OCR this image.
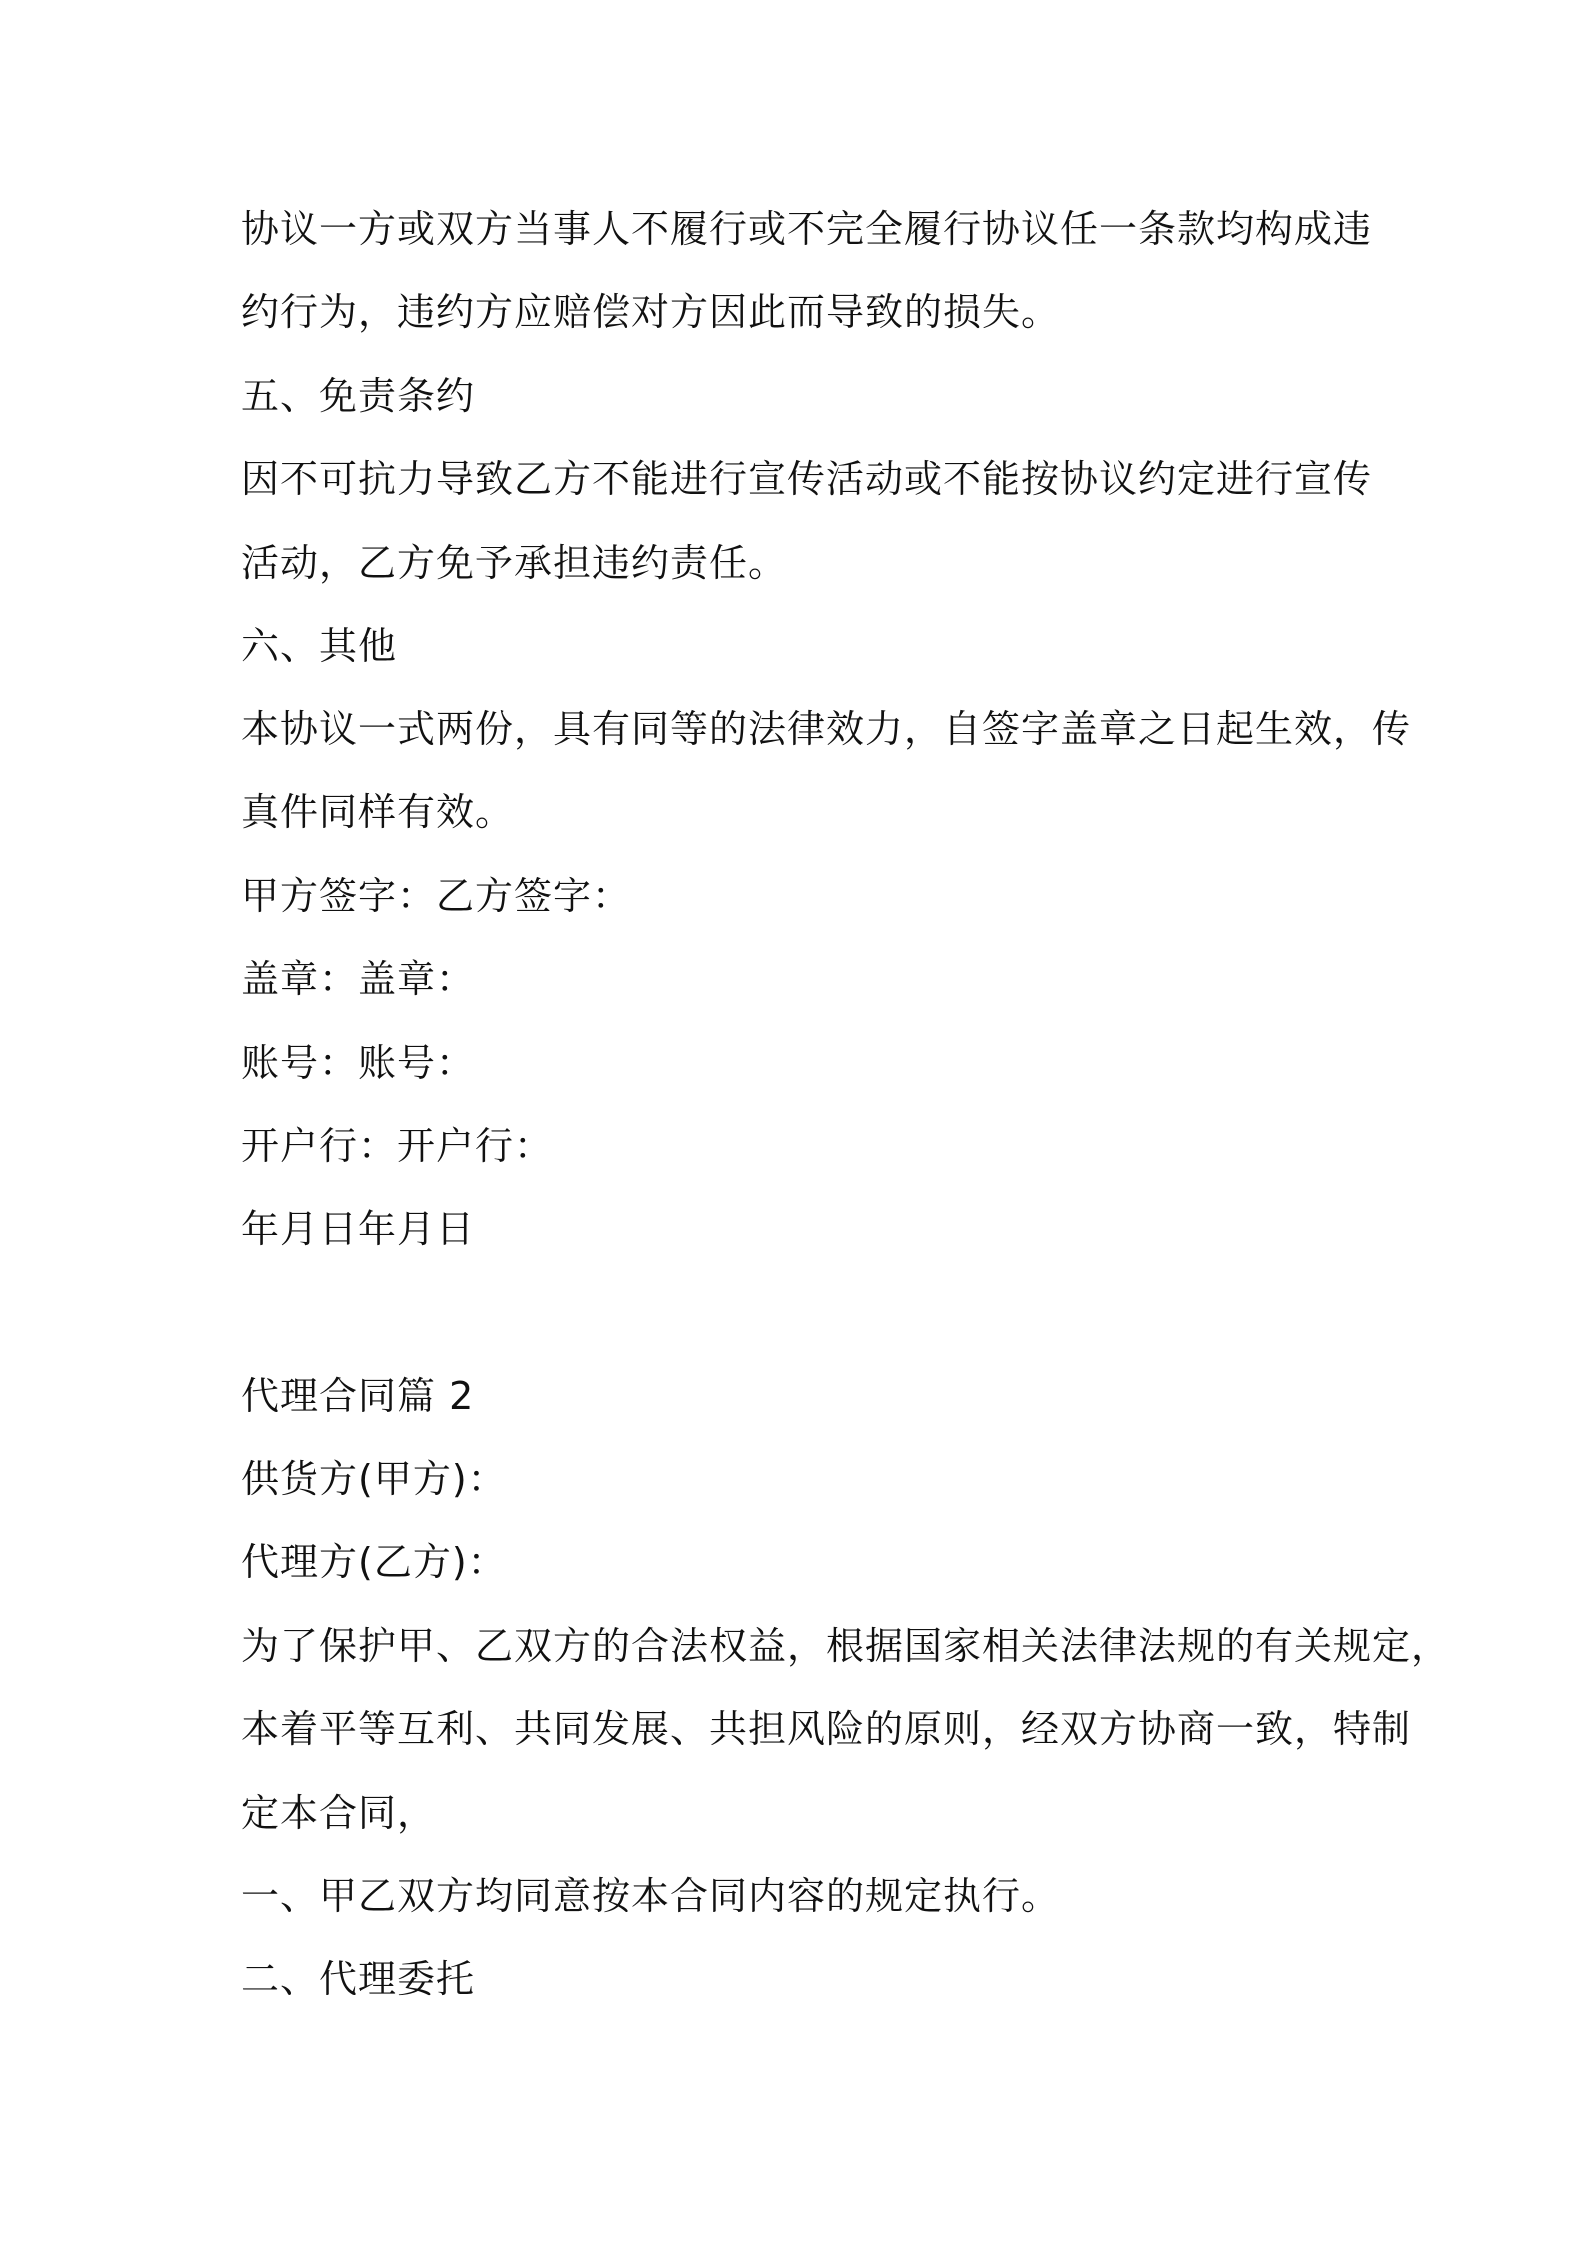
协议一方或双方当事人不履行或不完全履行协议任一条款均构成违
约行为，违约方应赔偿对方因此而导致的损失。
五、免责条约
因不可抗力导致乙方不能进行宣传活动或不能按协议约定进行宣传
活动，乙方免予承担违约责任。
六、其他
本协议一式两份，具有同等的法律效力，自签字盖章之日起生效，传
真件同样有效。
甲方签字：乙方签字：
盖章：盖章：
账号：账号：
开户行：开户行：
年月日年月日
代理合同篇 2
供货方(甲方)：
代理方(乙方)：
为了保护甲、乙双方的合法权益，根据国家相关法律法规的有关规定，
本着平等互利、共同发展、共担风险的原则，经双方协商一致，特制
定本合同，
一、甲乙双方均同意按本合同内容的规定执行。
二、代理委托
